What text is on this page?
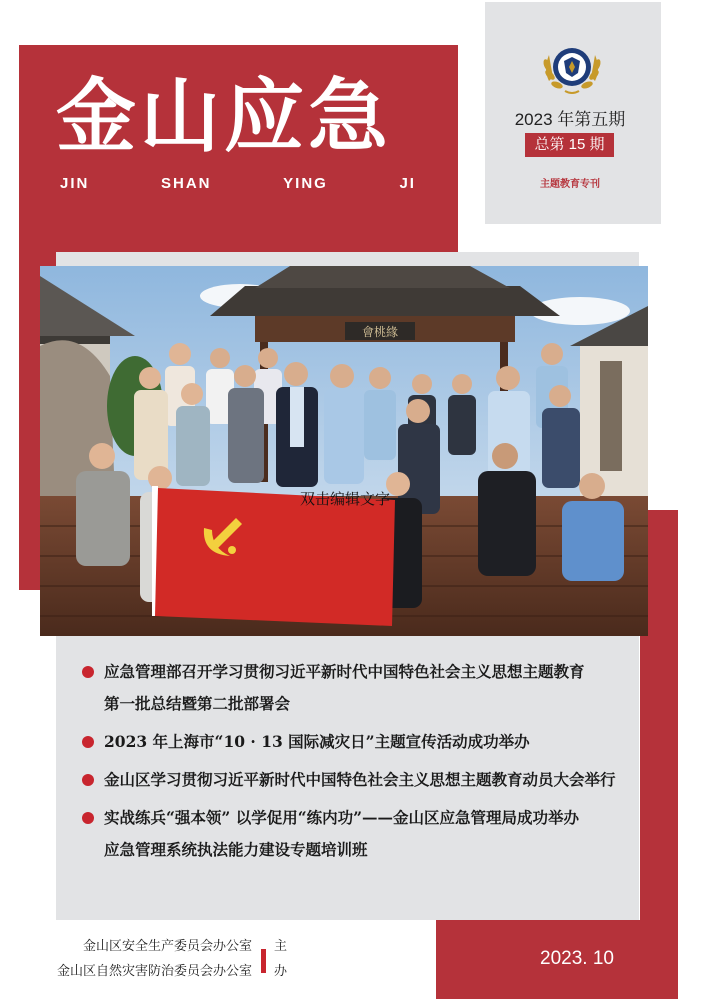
金山应急
JIN	SHAN	YING	JI
2023 年第五期
总第 15 期
主题教育专刊
會桃緣
双击编辑文字
应急管理部召开学习贯彻习近平新时代中国特色社会主义思想主题教育
第一批总结暨第二批部署会
2023 年上海市“10 · 13 国际减灾日”主题宣传活动成功举办
金山区学习贯彻习近平新时代中国特色社会主义思想主题教育动员大会举行
实战练兵“强本领” 以学促用“练内功”——金山区应急管理局成功举办
应急管理系统执法能力建设专题培训班
金山区安全生产委员会办公室
金山区自然灾害防治委员会办公室
主办
2023. 10
